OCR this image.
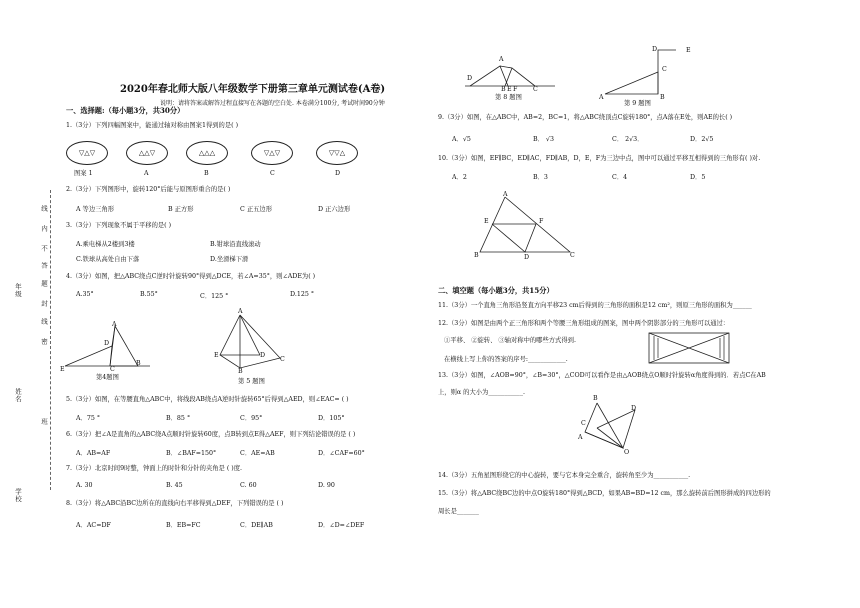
线
内
不
答
题
年级
封
线
密
姓名
班
学校
2020年春北师大版八年级数学下册第三章单元测试卷(A卷)
说明：请将答案或解答过程直接写在各题的空白处. 本卷满分100分, 考试时间90分钟
一、选择题:（每小题3分，共30分）
1.（3分）下列四幅图案中，能通过轴对称由图案1得到的是( )
▽△▽	△△▽	△△△	▽△▽	▽▽△
图案 1	A	B	C	D
2.（3分）下列图形中，旋转120°后能与原图形重合的是( )
A 等边三角形	B 正方形	C 正五边形	D 正六边形
3.（3分）下列现象不属于平移的是( )
A.乘电梯从2楼到3楼	B.钳球沿直线滚动
C.铁球从高处自由下落	D.坐滑梯下滑
4.（3分）如图，把△ABC绕点C逆时针旋转90°得到△DCE，若∠A=35°，则∠ADE为( )
A.35°	B.55°	C．125 °	D.125 °
A
D
E	C
B
第4题图
A
E	D
B
C
第 5 题图
5.（3分）如图，在等腰直角△ABC中，将线段AB绕点A逆时针旋转65°后得到△AED，则∠EAC= ( )
A．75 °	B．85 °	C．95°	D．105°
6.（3分）把∠A是直角的△ABC绕A点顺时针旋转60度，点B转到点E得△AEF，则下列结论错误的是 ( )
A．AB=AF	B．∠BAF=150°	C．AE=AB	D．∠CAF=60°
7.（3分）北京时间9时整，钟面上的时针和分针的夹角是 ( )度.
A. 30	B. 45	C. 60	D. 90
8.（3分）将△ABC沿BC边所在的直线向右平移得到△DEF，下列错误的是 ( )
A．AC=DF	B．EB=FC	C．DE∥AB	D．∠D=∠DEF
A
D
B E F C
第 8 题图
D	E
C
A	B
第 9 题图
9.（3分）如图，在△ABC中，AB=2，BC=1，将△ABC绕顶点C旋转180°，点A落在E处，则AE的长( )
A．√5	B． √3	C． 2√3．	D．2√5
10.（3分）如图，EF∥BC，ED∥AC，FD∥AB，D，E，F为三边中点，图中可以通过平移互相得到的三角形有( )对.
A．2	B．3	C．4	D．5
A
E	F
B	D	C
二、填空题（每小题3分，共15分）
11.（3分）一个直角三角形沿竖直方向平移23 cm后得到的三角形的面积是12 cm²，则原三角形的面积为______
12.（3分）如图是由两个正三角形和两个等腰三角形组成的图案，图中两个阴影部分的三角形可以通过：
①平移、 ②旋转、 ③轴对称中的哪些方式得到.
在横线上写上你的答案的序号:____________.
13.（3分）如图，∠AOB=90°，∠B=30°，△COD可以看作是由△AOB绕点O顺时针旋转α角度得到的．若点C在AB
上，则α 的大小为___________.
B
D
C
A
O
14.（3分）五角星图形绕它的中心旋转，要与它本身完全重合，旋转角至少为___________.
15.（3分）将△ABC绕BC边的中点O旋转180°得到△BCD，如果AB=BD=12 cm，那么旋转前后图形拼成的四边形的
周长是_______
